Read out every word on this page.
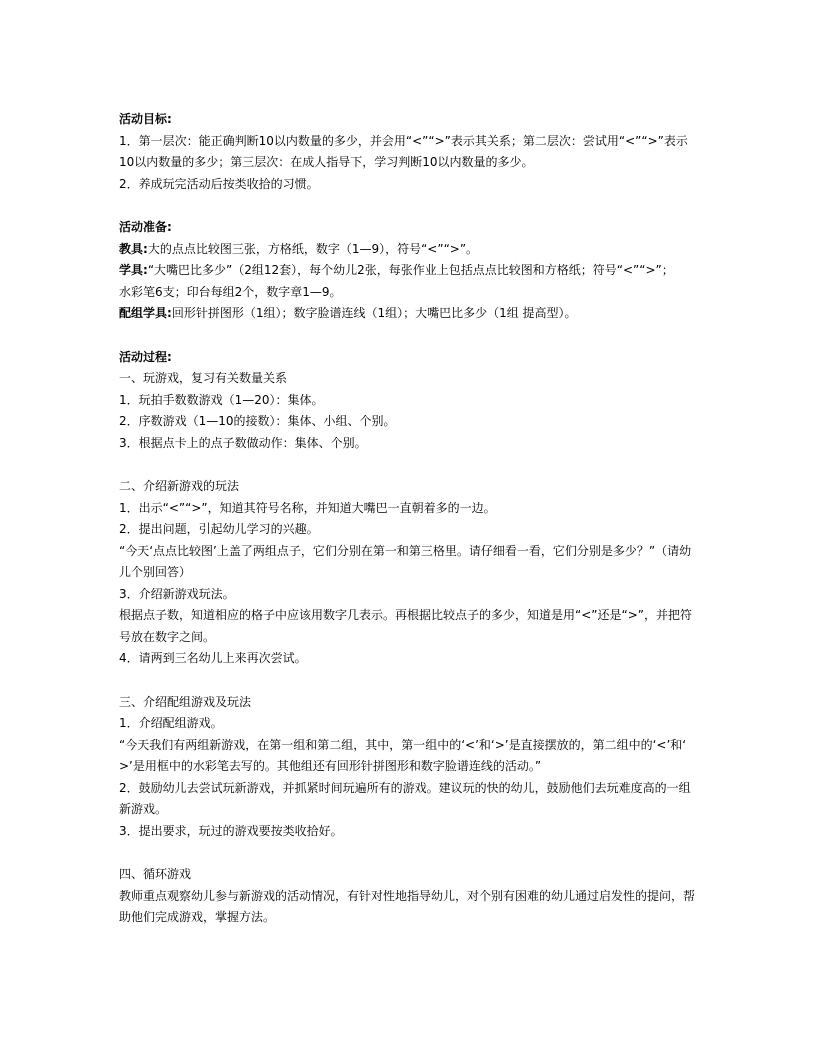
活动目标:
1．第一层次：能正确判断10以内数量的多少，并会用“<”“>”表示其关系；第二层次：尝试用“<”“>”表示
10以内数量的多少；第三层次：在成人指导下，学习判断10以内数量的多少。
2．养成玩完活动后按类收拾的习惯。
活动准备:
教具:大的点点比较图三张，方格纸，数字（1—9），符号“<”“>”。
学具:“大嘴巴比多少”（2组12套），每个幼儿2张，每张作业上包括点点比较图和方格纸；符号“<”“>”；
水彩笔6支；印台每组2个，数字章1—9。
配组学具:回形针拼图形（1组）；数字脸谱连线（1组）；大嘴巴比多少（1组 提高型）。
活动过程:
一、玩游戏，复习有关数量关系
1．玩拍手数数游戏（1—20）：集体。
2．序数游戏（1—10的接数）：集体、小组、个别。
3．根据点卡上的点子数做动作：集体、个别。
二、介绍新游戏的玩法
1．出示“<”“>”，知道其符号名称，并知道大嘴巴一直朝着多的一边。
2．提出问题，引起幼儿学习的兴趣。
“今天‘点点比较图’上盖了两组点子，它们分别在第一和第三格里。请仔细看一看，它们分别是多少？”（请幼
儿个别回答）
3．介绍新游戏玩法。
根据点子数，知道相应的格子中应该用数字几表示。再根据比较点子的多少，知道是用“<”还是“>”，并把符
号放在数字之间。
4．请两到三名幼儿上来再次尝试。
三、介绍配组游戏及玩法
1．介绍配组游戏。
“今天我们有两组新游戏，在第一组和第二组，其中，第一组中的‘<’和‘>’是直接摆放的，第二组中的‘<’和‘
>’是用框中的水彩笔去写的。其他组还有回形针拼图形和数字脸谱连线的活动。”
2．鼓励幼儿去尝试玩新游戏，并抓紧时间玩遍所有的游戏。建议玩的快的幼儿，鼓励他们去玩难度高的一组
新游戏。
3．提出要求，玩过的游戏要按类收拾好。
四、循环游戏
教师重点观察幼儿参与新游戏的活动情况，有针对性地指导幼儿，对个别有困难的幼儿通过启发性的提问，帮
助他们完成游戏，掌握方法。
